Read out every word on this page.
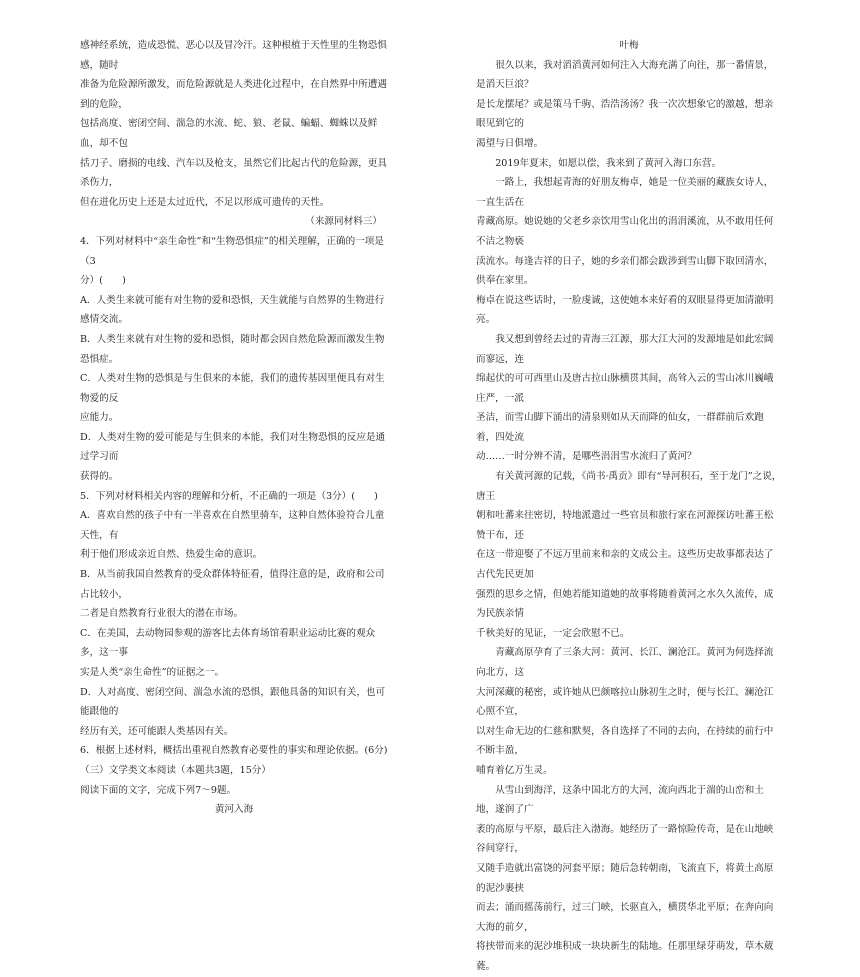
感神经系统，造成恐慌、恶心以及冒冷汗。这种根植于天性里的生物恐惧感，随时

准备为危险源所激发，而危险源就是人类进化过程中，在自然界中所遭遇到的危险，

包括高度、密闭空间、湍急的水流、蛇、狼、老鼠、蝙蝠、蜘蛛以及鲜血，却不包

括刀子、磨损的电线、汽车以及枪支，虽然它们比起古代的危险源，更具杀伤力，

但在进化历史上还是太过近代，不足以形成可遗传的天性。

（来源同材料三）

4．下列对材料中“亲生命性”和“生物恐惧症”的相关理解，正确的一项是（3

分）(　　)

A．人类生来就可能有对生物的爱和恐惧，天生就能与自然界的生物进行感情交流。

B．人类生来就有对生物的爱和恐惧，随时都会因自然危险源而激发生物恐惧症。

C．人类对生物的恐惧是与生俱来的本能，我们的遗传基因里便具有对生物爱的反

应能力。

D．人类对生物的爱可能是与生俱来的本能，我们对生物恐惧的反应是通过学习而

获得的。

5．下列对材料相关内容的理解和分析，不正确的一项是（3分）(　　)

A．喜欢自然的孩子中有一半喜欢在自然里骑车，这种自然体验符合儿童天性，有

利于他们形成亲近自然、热爱生命的意识。

B．从当前我国自然教育的受众群体特征看，值得注意的是，政府和公司占比较小，

二者是自然教育行业很大的潜在市场。

C．在美国，去动物园参观的游客比去体育场馆看职业运动比赛的观众多，这一事

实是人类“亲生命性”的证据之一。

D．人对高度、密闭空间、湍急水流的恐惧，跟他具备的知识有关，也可能跟他的

经历有关，还可能跟人类基因有关。

6．根据上述材料，概括出重视自然教育必要性的事实和理论依据。(6分)

（三）文学类文本阅读（本题共3题，15分）

阅读下面的文字，完成下列7～9题。

黄河入海

叶梅

很久以来，我对滔滔黄河如何注入大海充满了向往，那一番情景，是滔天巨浪？

是长龙摆尾？或是策马千驹、浩浩汤汤？我一次次想象它的激越，想亲眼见到它的

渴望与日俱增。

2019年夏末，如愿以偿，我来到了黄河入海口东营。

一路上，我想起青海的好朋友梅卓，她是一位美丽的藏族女诗人，一直生活在

青藏高原。她说她的父老乡亲饮用雪山化出的涓涓溪流，从不敢用任何不洁之物亵

渎流水。每逢吉祥的日子，她的乡亲们都会跋涉到雪山脚下取回清水，供奉在家里。

梅卓在说这些话时，一脸虔诚，这使她本来好看的双眼显得更加清澈明亮。

我又想到曾经去过的青海三江源，那大江大河的发源地是如此宏阔而寥远，连

绵起伏的可可西里山及唐古拉山脉横贯其间，高耸入云的雪山冰川巍峨庄严，一派

圣洁，而雪山脚下涌出的清泉则如从天而降的仙女，一群群前后欢跑着，四处流

动……一时分辨不清，是哪些涓涓雪水流归了黄河？

有关黄河源的记载，《尚书·禹贡》即有“导河积石，至于龙门”之说，唐王

朝和吐蕃来往密切，特地派遣过一些官员和旅行家在河源探访吐蕃王松赞干布，还

在这一带迎娶了不远万里前来和亲的文成公主。这些历史故事都表达了古代先民更加

强烈的思乡之情，但她若能知道她的故事将随着黄河之水久久流传，成为民族亲情

千秋美好的见证，一定会欣慰不已。

青藏高原孕育了三条大河：黄河、长江、澜沧江。黄河为何选择流向北方，这

大河深藏的秘密，或许她从巴颜喀拉山脉初生之时，便与长江、澜沧江心照不宣，

以对生命无边的仁慈和默契，各自选择了不同的去向，在持续的前行中不断丰盈，

哺育着亿万生灵。

从雪山到海洋，这条中国北方的大河，流向西北于湍的山峦和土地，遂润了广

袤的高原与平原，最后注入渤海。她经历了一路惊险传奇，是在山地峡谷间穿行，

又随手造就出富饶的河套平原；随后急转朝南，飞流直下，将黄土高原的泥沙裹挟

而去；涌而摇荡前行，过三门峡，长驱直入，横贯华北平原；在奔向向大海的前夕，

将挟带而来的泥沙堆积成一块块新生的陆地。任那里绿芽萌发，草木葳蕤。
